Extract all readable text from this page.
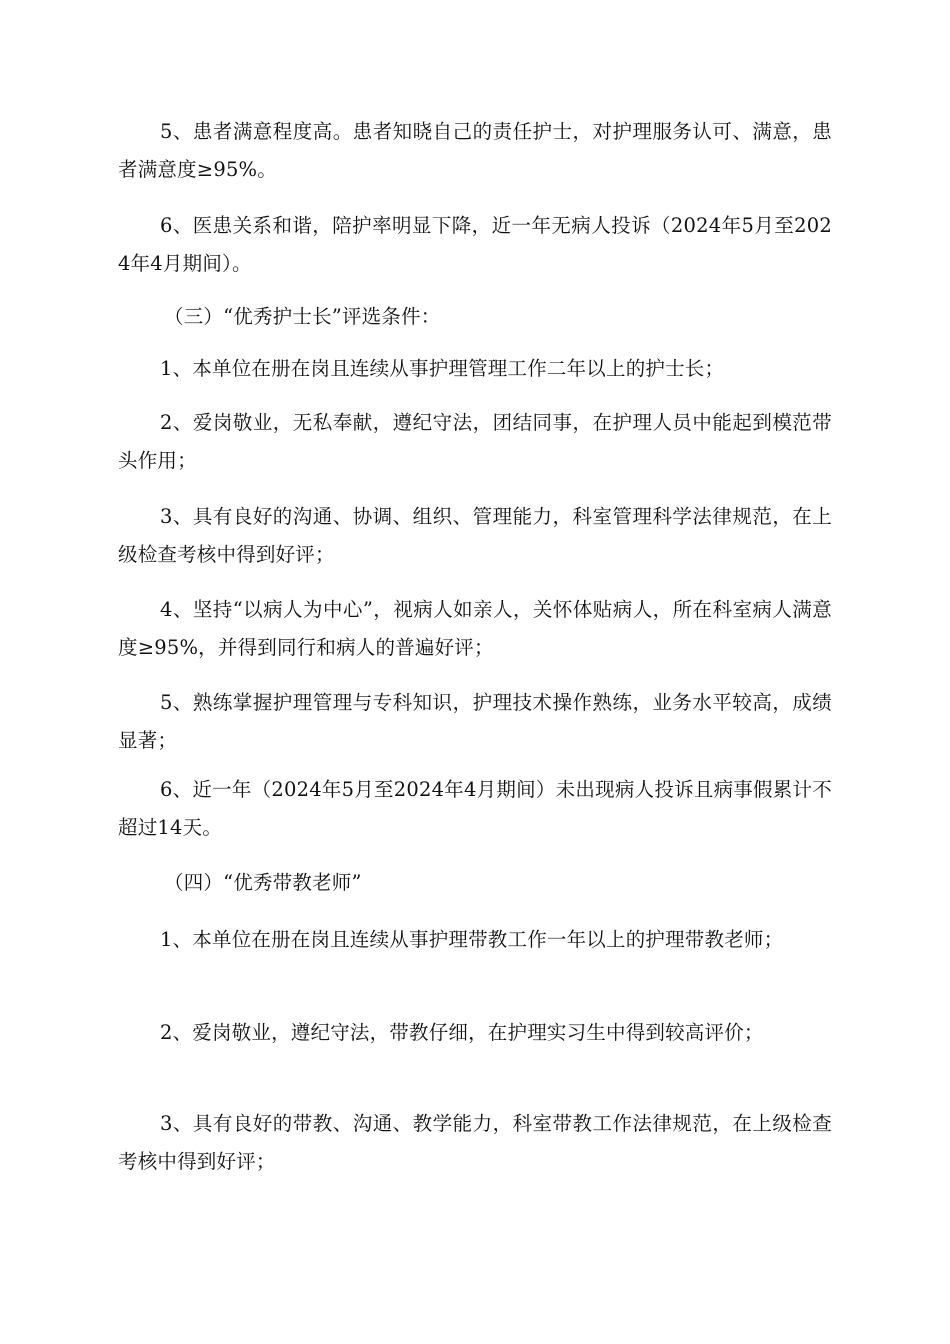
5、患者满意程度高。患者知晓自己的责任护士，对护理服务认可、满意，患者满意度≥95%。

6、医患关系和谐，陪护率明显下降，近一年无病人投诉（2024年5月至2024年4月期间）。

（三）“优秀护士长”评选条件：

1、本单位在册在岗且连续从事护理管理工作二年以上的护士长；

2、爱岗敬业，无私奉献，遵纪守法，团结同事，在护理人员中能起到模范带头作用；

3、具有良好的沟通、协调、组织、管理能力，科室管理科学法律规范，在上级检查考核中得到好评；

4、坚持“以病人为中心”，视病人如亲人，关怀体贴病人，所在科室病人满意度≥95%，并得到同行和病人的普遍好评；

5、熟练掌握护理管理与专科知识，护理技术操作熟练，业务水平较高，成绩显著；

6、近一年（2024年5月至2024年4月期间）未出现病人投诉且病事假累计不超过14天。

（四）“优秀带教老师”

1、本单位在册在岗且连续从事护理带教工作一年以上的护理带教老师；

2、爱岗敬业，遵纪守法，带教仔细，在护理实习生中得到较高评价；

3、具有良好的带教、沟通、教学能力，科室带教工作法律规范，在上级检查考核中得到好评；
